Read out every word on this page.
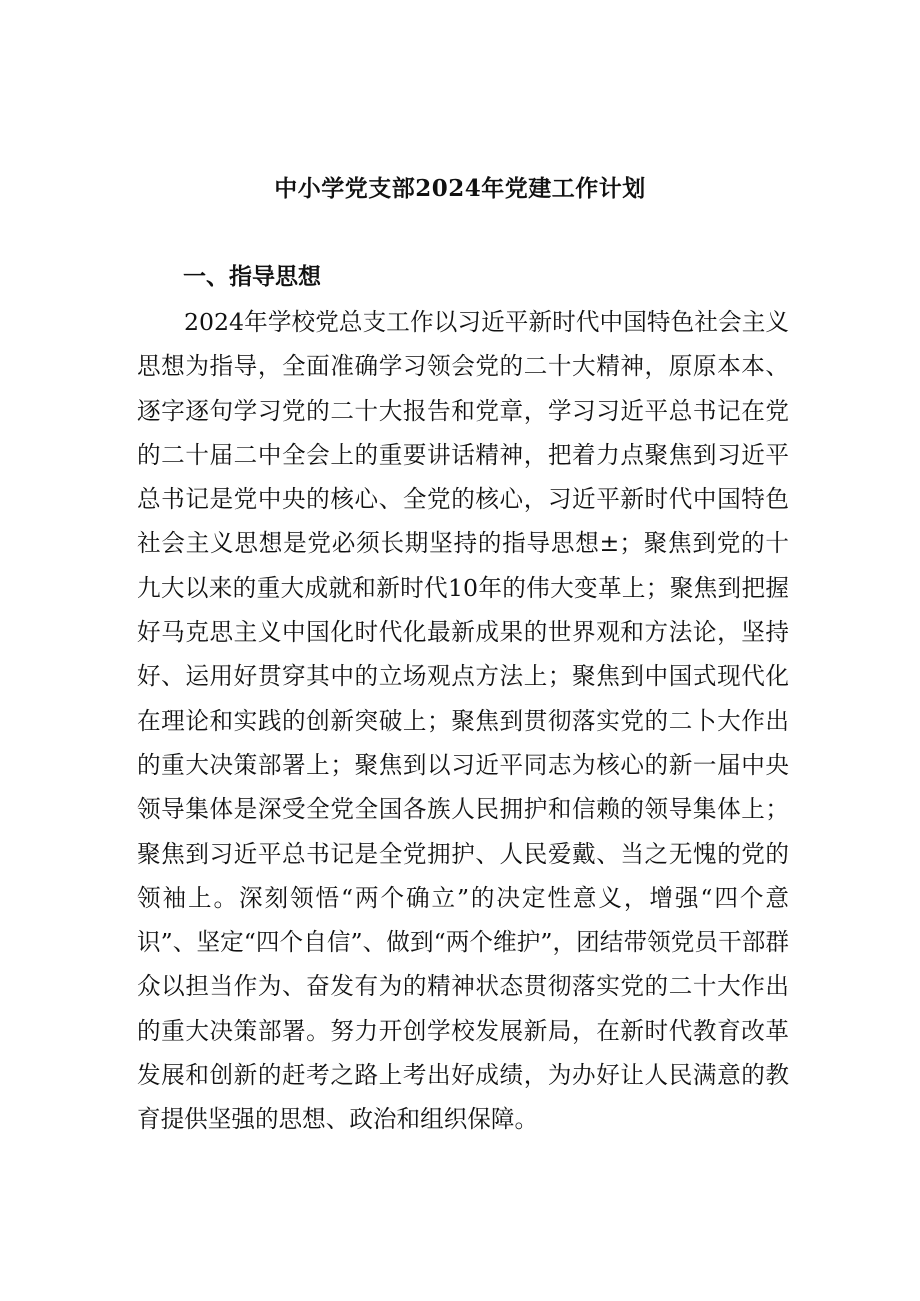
中小学党支部2024年党建工作计划
一、指导思想

2024年学校党总支工作以习近平新时代中国特色社会主义思想为指导，全面准确学习领会党的二十大精神，原原本本、逐字逐句学习党的二十大报告和党章，学习习近平总书记在党的二十届二中全会上的重要讲话精神，把着力点聚焦到习近平总书记是党中央的核心、全党的核心，习近平新时代中国特色社会主义思想是党必须长期坚持的指导思想±；聚焦到党的十九大以来的重大成就和新时代10年的伟大变革上；聚焦到把握好马克思主义中国化时代化最新成果的世界观和方法论，坚持好、运用好贯穿其中的立场观点方法上；聚焦到中国式现代化在理论和实践的创新突破上；聚焦到贯彻落实党的二卜大作出的重大决策部署上；聚焦到以习近平同志为核心的新一届中央领导集体是深受全党全国各族人民拥护和信赖的领导集体上；聚焦到习近平总书记是全党拥护、人民爱戴、当之无愧的党的领袖上。深刻领悟“两个确立”的决定性意义，增强“四个意识”、坚定“四个自信”、做到“两个维护”，团结带领党员干部群众以担当作为、奋发有为的精神状态贯彻落实党的二十大作出的重大决策部署。努力开创学校发展新局，在新时代教育改革发展和创新的赶考之路上考出好成绩，为办好让人民满意的教育提供坚强的思想、政治和组织保障。
